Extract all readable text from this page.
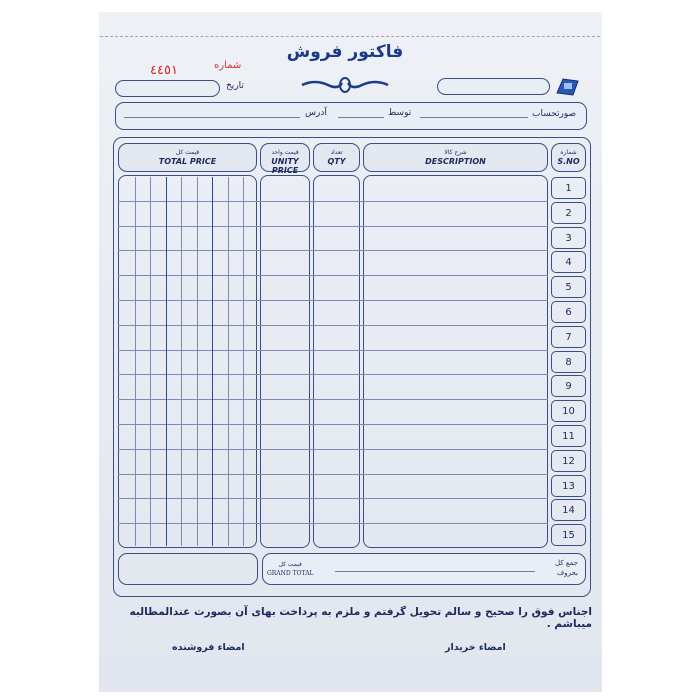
فاکتور فروش
٤٤٥١	شماره
تاریخ
صورتحساب
توسط
آدرس
شماره
S.NO
شرح کالا
DESCRIPTION
تعداد
QTY
قیمت واحد
UNITY PRICE
قیمت کل
TOTAL PRICE
1
2
3
4
5
6
7
8
9
10
11
12
13
14
15
جمع کل
بحروف
قیمت کل
GRAND TOTAL
اجناس فوق را صحیح و سالم تحویل گرفتم و ملزم به پرداخت بهای آن بصورت عندالمطالبه میباشم .
امضاء خریدار
امضاء فروشنده
